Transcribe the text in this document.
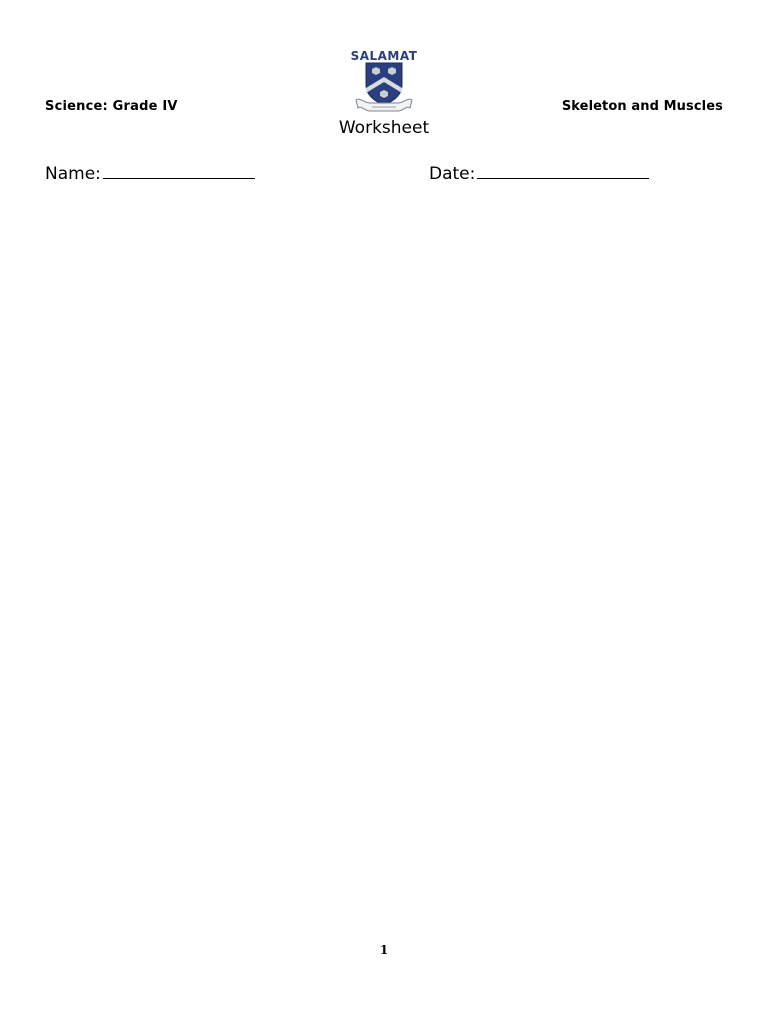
Science: Grade IV
SALAMAT
Skeleton and Muscles
Worksheet
Name:	Date:
1
